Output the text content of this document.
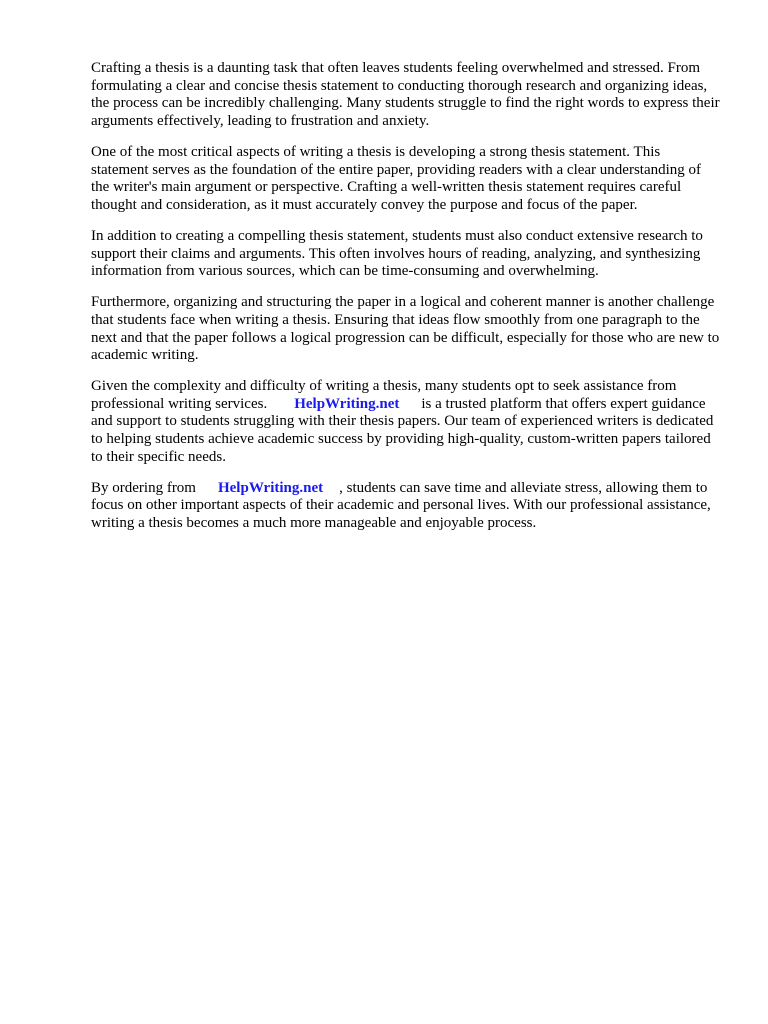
Crafting a thesis is a daunting task that often leaves students feeling overwhelmed and stressed. From formulating a clear and concise thesis statement to conducting thorough research and organizing ideas, the process can be incredibly challenging. Many students struggle to find the right words to express their arguments effectively, leading to frustration and anxiety.

One of the most critical aspects of writing a thesis is developing a strong thesis statement. This statement serves as the foundation of the entire paper, providing readers with a clear understanding of the writer's main argument or perspective. Crafting a well-written thesis statement requires careful thought and consideration, as it must accurately convey the purpose and focus of the paper.

In addition to creating a compelling thesis statement, students must also conduct extensive research to support their claims and arguments. This often involves hours of reading, analyzing, and synthesizing information from various sources, which can be time-consuming and overwhelming.

Furthermore, organizing and structuring the paper in a logical and coherent manner is another challenge that students face when writing a thesis. Ensuring that ideas flow smoothly from one paragraph to the next and that the paper follows a logical progression can be difficult, especially for those who are new to academic writing.

Given the complexity and difficulty of writing a thesis, many students opt to seek assistance from professional writing services. HelpWriting.net is a trusted platform that offers expert guidance and support to students struggling with their thesis papers. Our team of experienced writers is dedicated to helping students achieve academic success by providing high-quality, custom-written papers tailored to their specific needs.

By ordering from HelpWriting.net , students can save time and alleviate stress, allowing them to focus on other important aspects of their academic and personal lives. With our professional assistance, writing a thesis becomes a much more manageable and enjoyable process.
